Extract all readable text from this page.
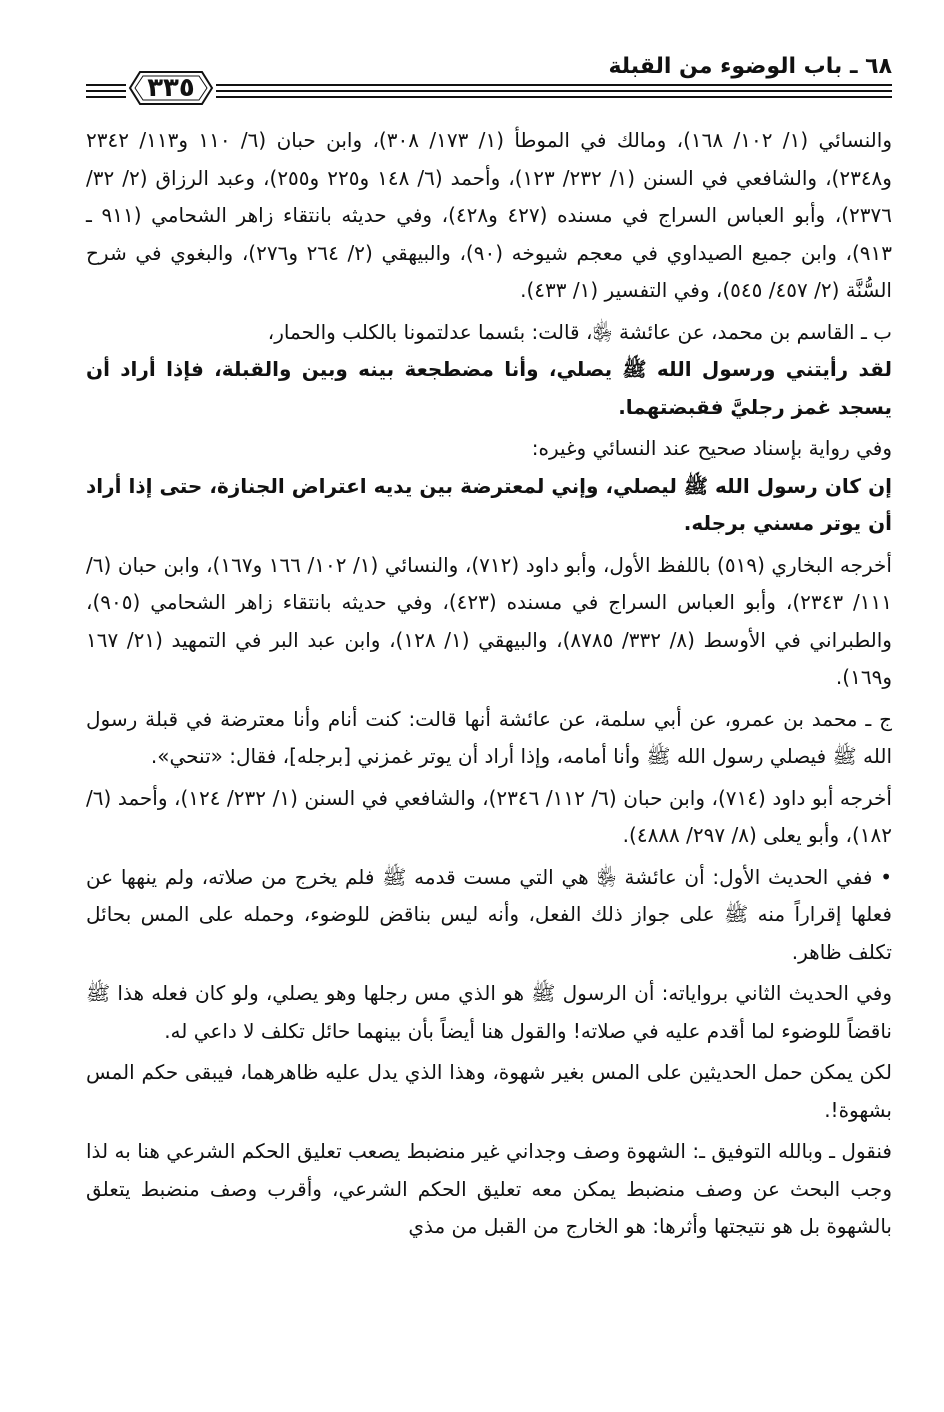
٣٣٥
٦٨ ـ باب الوضوء من القبلة

والنسائي (١/ ١٠٢/ ١٦٨)، ومالك في الموطأ (١/ ١٧٣/ ٣٠٨)، وابن حبان (٦/ ١١٠ و١١٣/ ٢٣٤٢ و٢٣٤٨)، والشافعي في السنن (١/ ٢٣٢/ ١٢٣)، وأحمد (٦/ ١٤٨ و٢٢٥ و٢٥٥)، وعبد الرزاق (٢/ ٣٢/ ٢٣٧٦)، وأبو العباس السراج في مسنده (٤٢٧ و٤٢٨)، وفي حديثه بانتقاء زاهر الشحامي (٩١١ ـ ٩١٣)، وابن جميع الصيداوي في معجم شيوخه (٩٠)، والبيهقي (٢/ ٢٦٤ و٢٧٦)، والبغوي في شرح السُّنَّة (٢/ ٤٥٧/ ٥٤٥)، وفي التفسير (١/ ٤٣٣).

ب ـ القاسم بن محمد، عن عائشة ﵂، قالت: بئسما عدلتمونا بالكلب والحمار،

لقد رأيتني ورسول الله ﷺ يصلي، وأنا مضطجعة بينه وبين والقبلة، فإذا أراد أن يسجد غمز رجليَّ فقبضتهما.

وفي رواية بإسناد صحيح عند النسائي وغيره:

إن كان رسول الله ﷺ ليصلي، وإني لمعترضة بين يديه اعتراض الجنازة، حتى إذا أراد أن يوتر مسني برجله.

أخرجه البخاري (٥١٩) باللفظ الأول، وأبو داود (٧١٢)، والنسائي (١/ ١٠٢/ ١٦٦ و١٦٧)، وابن حبان (٦/ ١١١/ ٢٣٤٣)، وأبو العباس السراج في مسنده (٤٢٣)، وفي حديثه بانتقاء زاهر الشحامي (٩٠٥)، والطبراني في الأوسط (٨/ ٣٣٢/ ٨٧٨٥)، والبيهقي (١/ ١٢٨)، وابن عبد البر في التمهيد (٢١/ ١٦٧ و١٦٩).

ج ـ محمد بن عمرو، عن أبي سلمة، عن عائشة أنها قالت: كنت أنام وأنا معترضة في قبلة رسول الله ﷺ فيصلي رسول الله ﷺ وأنا أمامه، وإذا أراد أن يوتر غمزني [برجله]، فقال: «تنحي».

أخرجه أبو داود (٧١٤)، وابن حبان (٦/ ١١٢/ ٢٣٤٦)، والشافعي في السنن (١/ ٢٣٢/ ١٢٤)، وأحمد (٦/ ١٨٢)، وأبو يعلى (٨/ ٢٩٧/ ٤٨٨٨).

• ففي الحديث الأول: أن عائشة ﵂ هي التي مست قدمه ﷺ فلم يخرج من صلاته، ولم ينهها عن فعلها إقراراً منه ﷺ على جواز ذلك الفعل، وأنه ليس بناقض للوضوء، وحمله على المس بحائل تكلف ظاهر.

وفي الحديث الثاني برواياته: أن الرسول ﷺ هو الذي مس رجلها وهو يصلي، ولو كان فعله هذا ﷺ ناقضاً للوضوء لما أقدم عليه في صلاته! والقول هنا أيضاً بأن بينهما حائل تكلف لا داعي له.

لكن يمكن حمل الحديثين على المس بغير شهوة، وهذا الذي يدل عليه ظاهرهما، فيبقى حكم المس بشهوة!.

فنقول ـ وبالله التوفيق ـ: الشهوة وصف وجداني غير منضبط يصعب تعليق الحكم الشرعي هنا به لذا وجب البحث عن وصف منضبط يمكن معه تعليق الحكم الشرعي، وأقرب وصف منضبط يتعلق بالشهوة بل هو نتيجتها وأثرها: هو الخارج من القبل من مذي
